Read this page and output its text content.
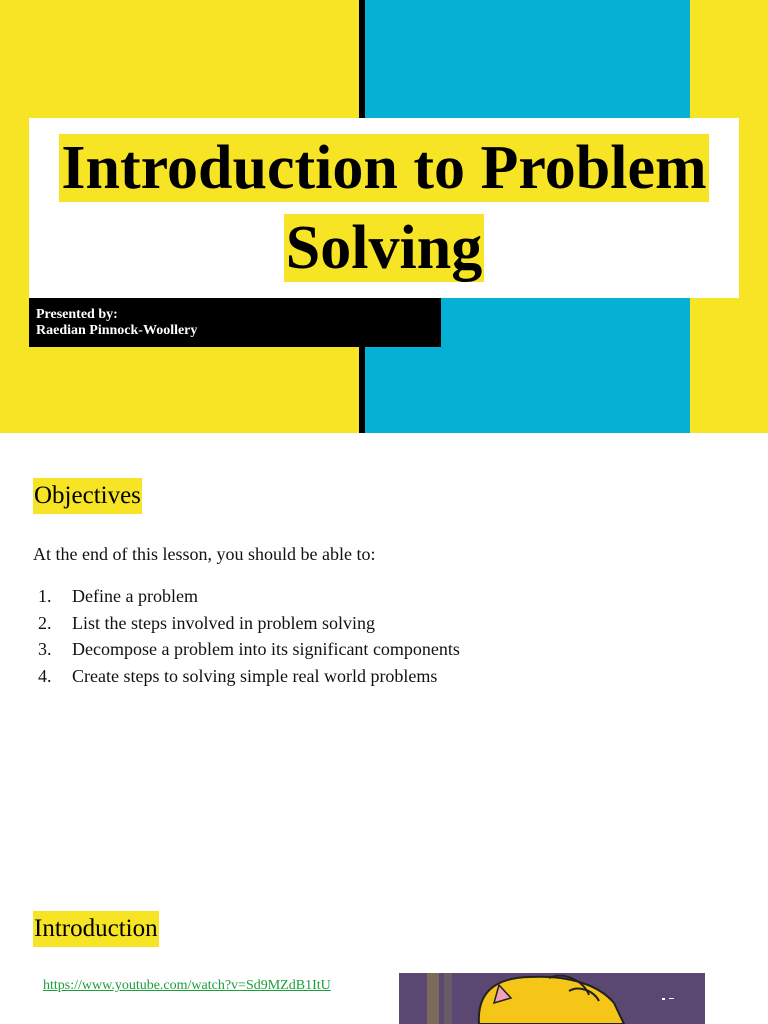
Introduction to Problem
Solving
Presented by:
Raedian Pinnock-Woollery
Objectives
At the end of this lesson, you should be able to:
1.	Define a problem
2.	List the steps involved in problem solving
3.	Decompose a problem into its significant components
4.	Create steps to solving simple real world problems
Introduction
https://www.youtube.com/watch?v=Sd9MZdB1ItU
